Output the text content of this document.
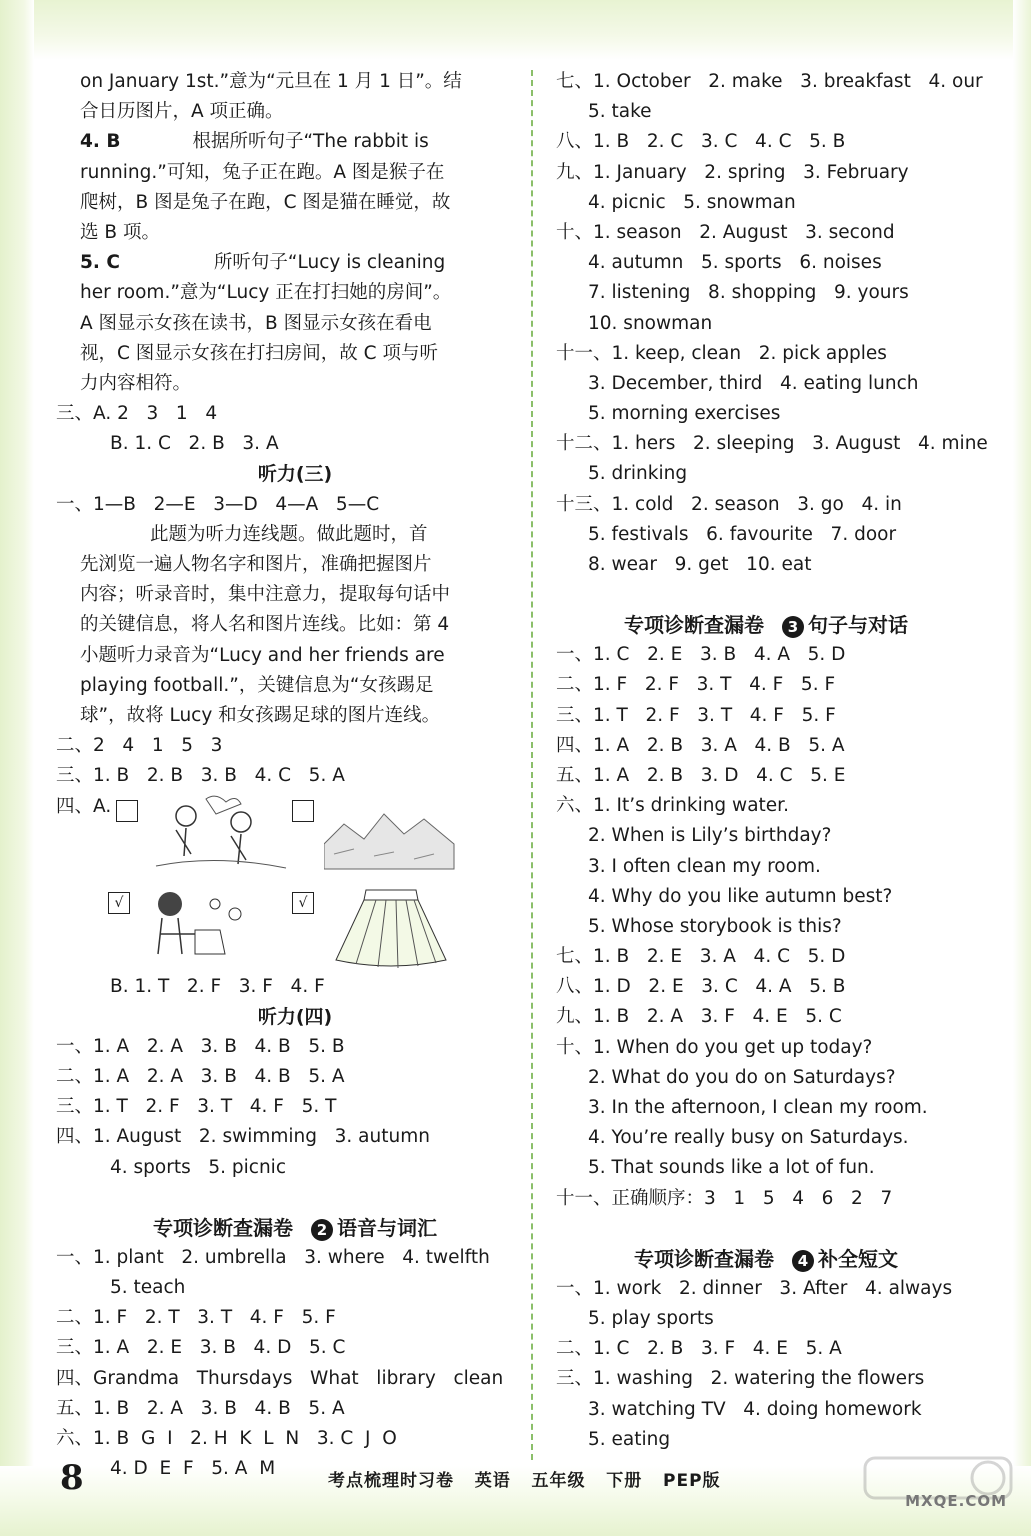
on January 1st.”意为“元旦在 1 月 1 日”。结
合日历图片，A 项正确。
4. B	根据所听句子“The rabbit is
running.”可知，兔子正在跑。A 图是猴子在
爬树，B 图是兔子在跑，C 图是猫在睡觉，故
选 B 项。
5. C	所听句子“Lucy is cleaning
her room.”意为“Lucy 正在打扫她的房间”。
A 图显示女孩在读书，B 图显示女孩在看电
视，C 图显示女孩在打扫房间，故 C 项与听
力内容相符。
三、A. 2   3   1   4
B. 1. C   2. B   3. A
听力(三)
一、1—B   2—E   3—D   4—A   5—C
此题为听力连线题。做此题时，首
先浏览一遍人物名字和图片，准确把握图片
内容；听录音时，集中注意力，提取每句话中
的关键信息，将人名和图片连线。比如：第 4
小题听力录音为“Lucy and her friends are
playing football.”，关键信息为“女孩踢足
球”，故将 Lucy 和女孩踢足球的图片连线。
二、2   4   1   5   3
三、1. B   2. B   3. B   4. C   5. A
四、A.
√	√
B. 1. T   2. F   3. F   4. F
听力(四)
一、1. A   2. A   3. B   4. B   5. B
二、1. A   2. A   3. B   4. B   5. A
三、1. T   2. F   3. T   4. F   5. T
四、1. August   2. swimming   3. autumn
4. sports   5. picnic
专项诊断查漏卷	2 语音与词汇
一、1. plant   2. umbrella   3. where   4. twelfth
5. teach
二、1. F   2. T   3. T   4. F   5. F
三、1. A   2. E   3. B   4. D   5. C
四、Grandma   Thursdays   What   library   clean
五、1. B   2. A   3. B   4. B   5. A
六、1. B  G  I   2. H  K  L  N   3. C  J  O
4. D  E  F   5. A  M
七、1. October   2. make   3. breakfast   4. our
5. take
八、1. B   2. C   3. C   4. C   5. B
九、1. January   2. spring   3. February
4. picnic   5. snowman
十、1. season   2. August   3. second
4. autumn   5. sports   6. noises
7. listening   8. shopping   9. yours
10. snowman
十一、1. keep, clean   2. pick apples
3. December, third   4. eating lunch
5. morning exercises
十二、1. hers   2. sleeping   3. August   4. mine
5. drinking
十三、1. cold   2. season   3. go   4. in
5. festivals   6. favourite   7. door
8. wear   9. get   10. eat
专项诊断查漏卷	3 句子与对话
一、1. C   2. E   3. B   4. A   5. D
二、1. F   2. F   3. T   4. F   5. F
三、1. T   2. F   3. T   4. F   5. F
四、1. A   2. B   3. A   4. B   5. A
五、1. A   2. B   3. D   4. C   5. E
六、1. It’s drinking water.
2. When is Lily’s birthday?
3. I often clean my room.
4. Why do you like autumn best?
5. Whose storybook is this?
七、1. B   2. E   3. A   4. C   5. D
八、1. D   2. E   3. C   4. A   5. B
九、1. B   2. A   3. F   4. E   5. C
十、1. When do you get up today?
2. What do you do on Saturdays?
3. In the afternoon, I clean my room.
4. You’re really busy on Saturdays.
5. That sounds like a lot of fun.
十一、正确顺序：3   1   5   4   6   2   7
专项诊断查漏卷	4 补全短文
一、1. work   2. dinner   3. After   4. always
5. play sports
二、1. C   2. B   3. F   4. E   5. A
三、1. washing   2. watering the flowers
3. watching TV   4. doing homework
5. eating
8	考点梳理时习卷   英语   五年级   下册   PEP版
MXQE.COM
